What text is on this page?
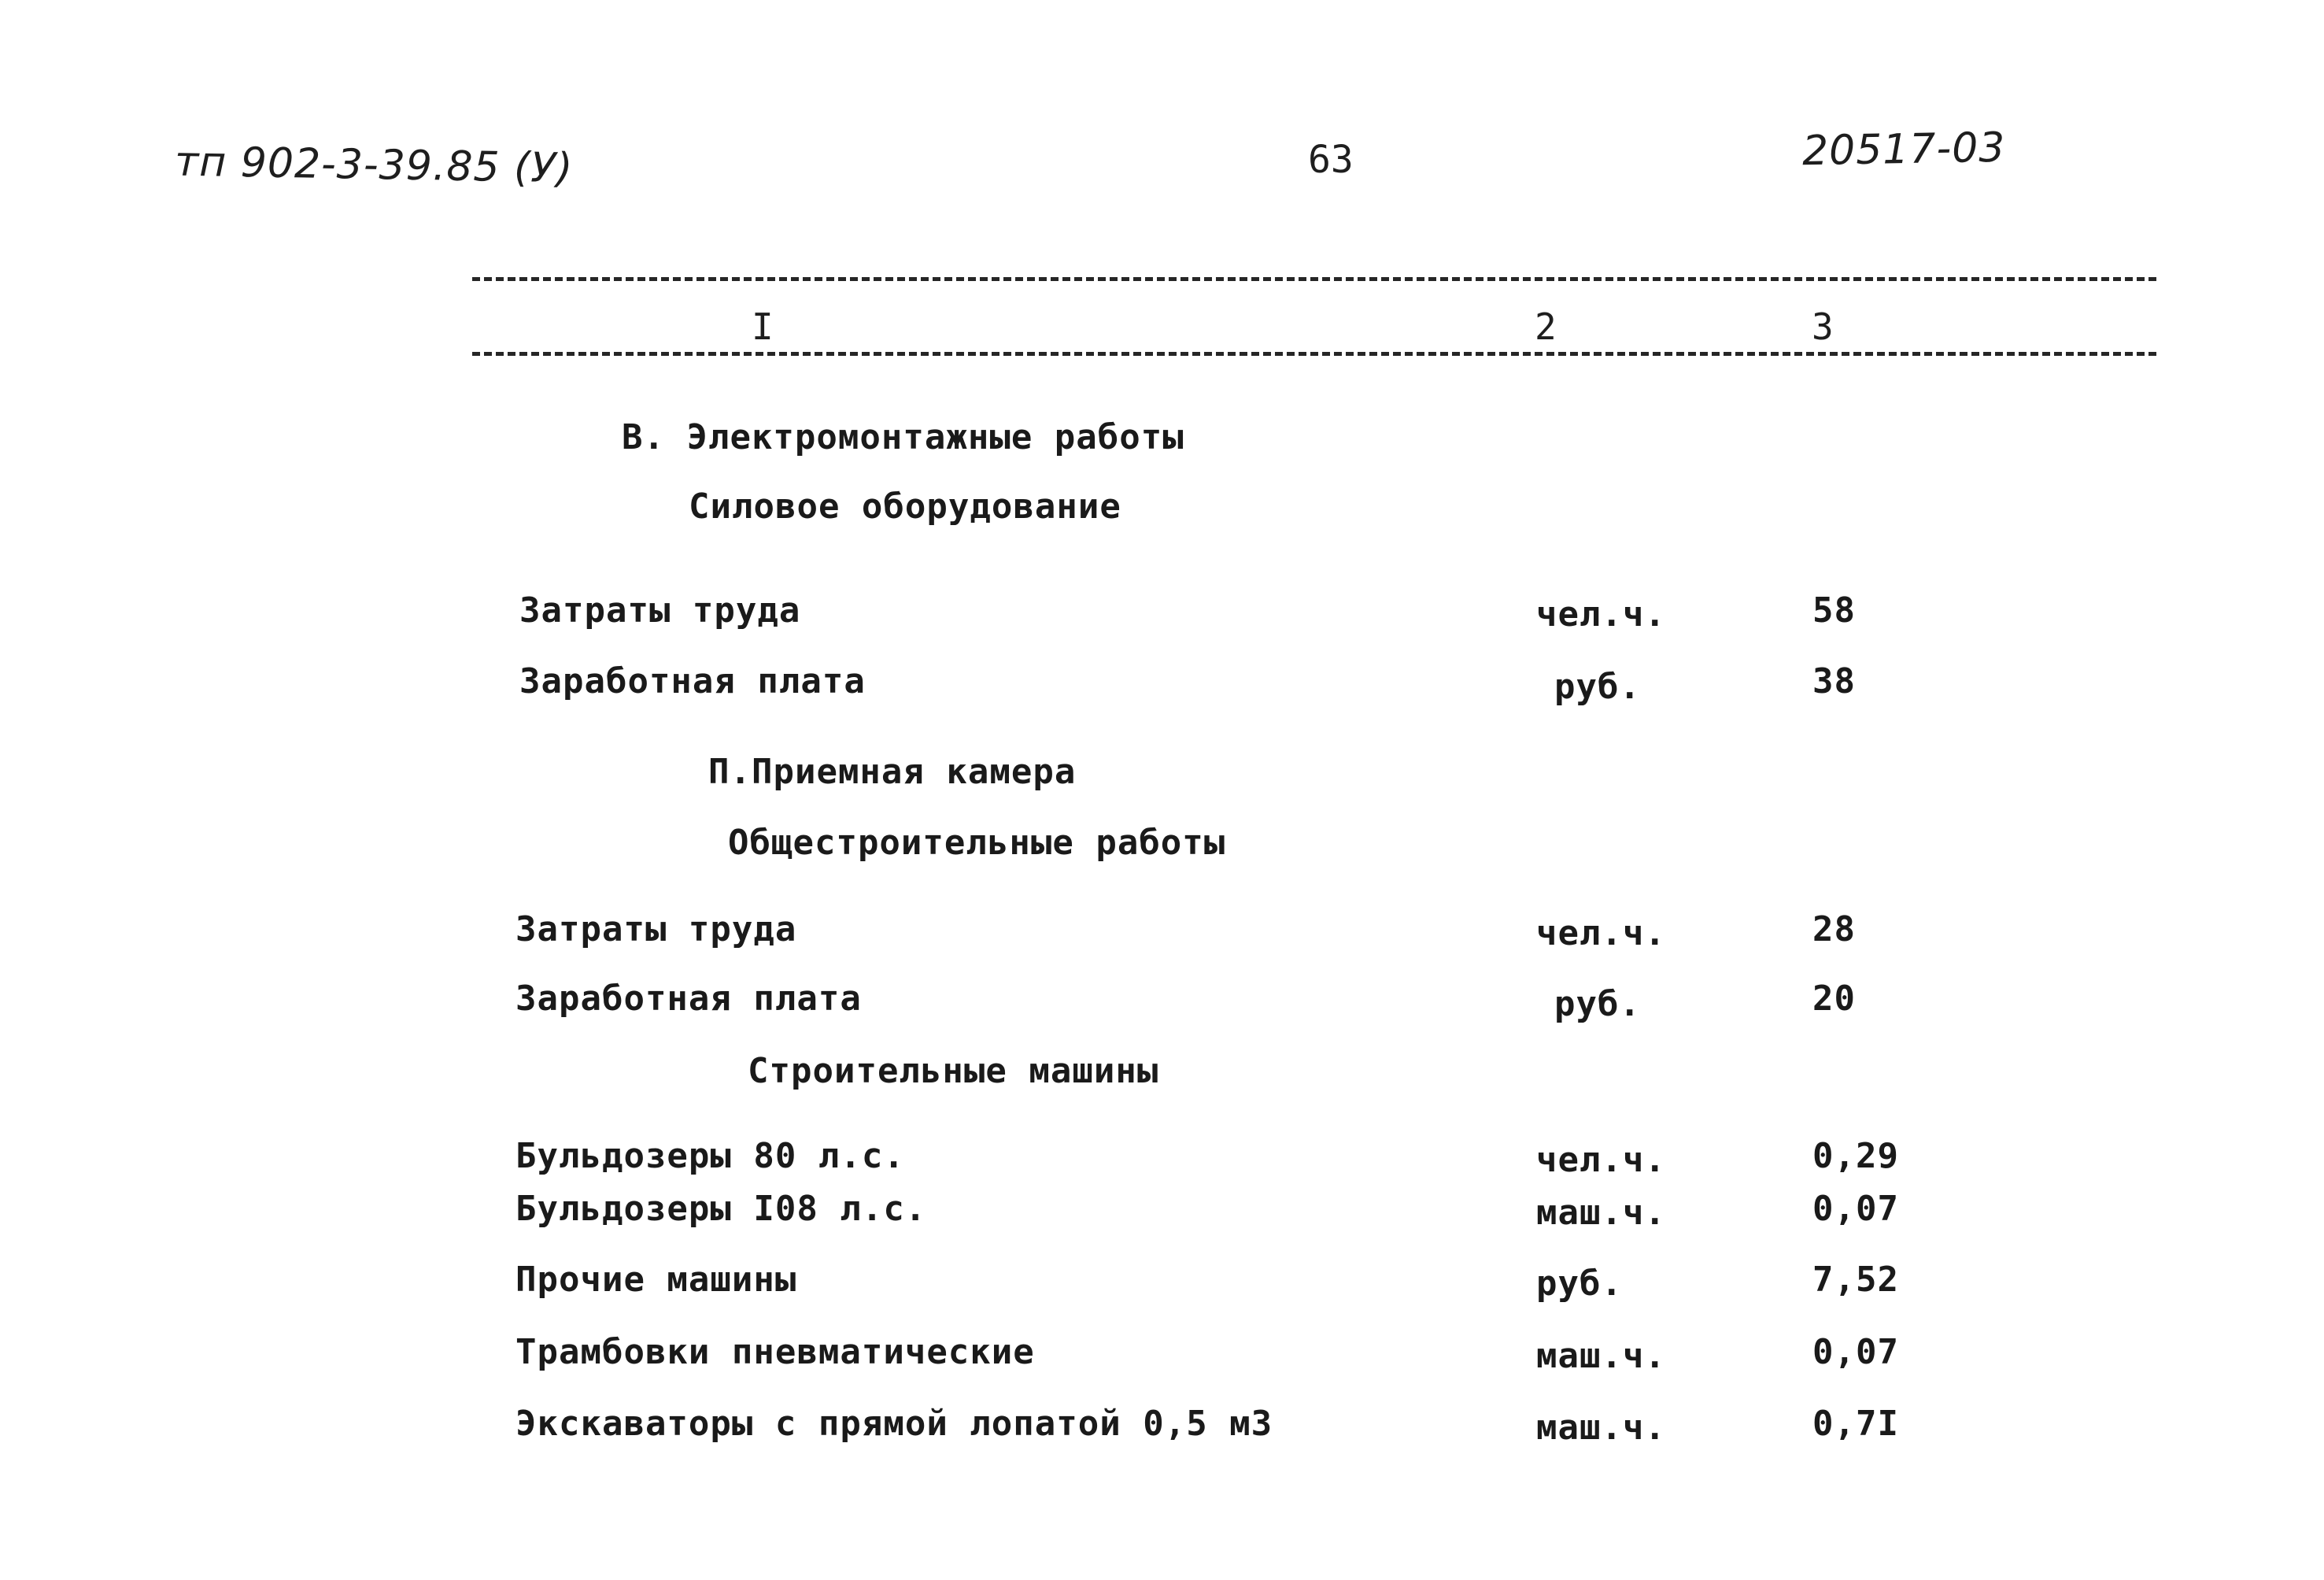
тп 902-3-39.85 (У)	63	20517-03
I	2	3
В. Электромонтажные работы
Силовое оборудование
Затраты труда	чел.ч.	58
Заработная плата	руб.	38
П.Приемная камера
Общестроительные работы
Затраты труда	чел.ч.	28
Заработная плата	руб.	20
Строительные машины
Бульдозеры 80 л.с.	чел.ч.	0,29
Бульдозеры I08 л.с.	маш.ч.	0,07
Прочие машины	руб.	7,52
Трамбовки пневматические	маш.ч.	0,07
Экскаваторы с прямой лопатой 0,5 м3	маш.ч.	0,7I
